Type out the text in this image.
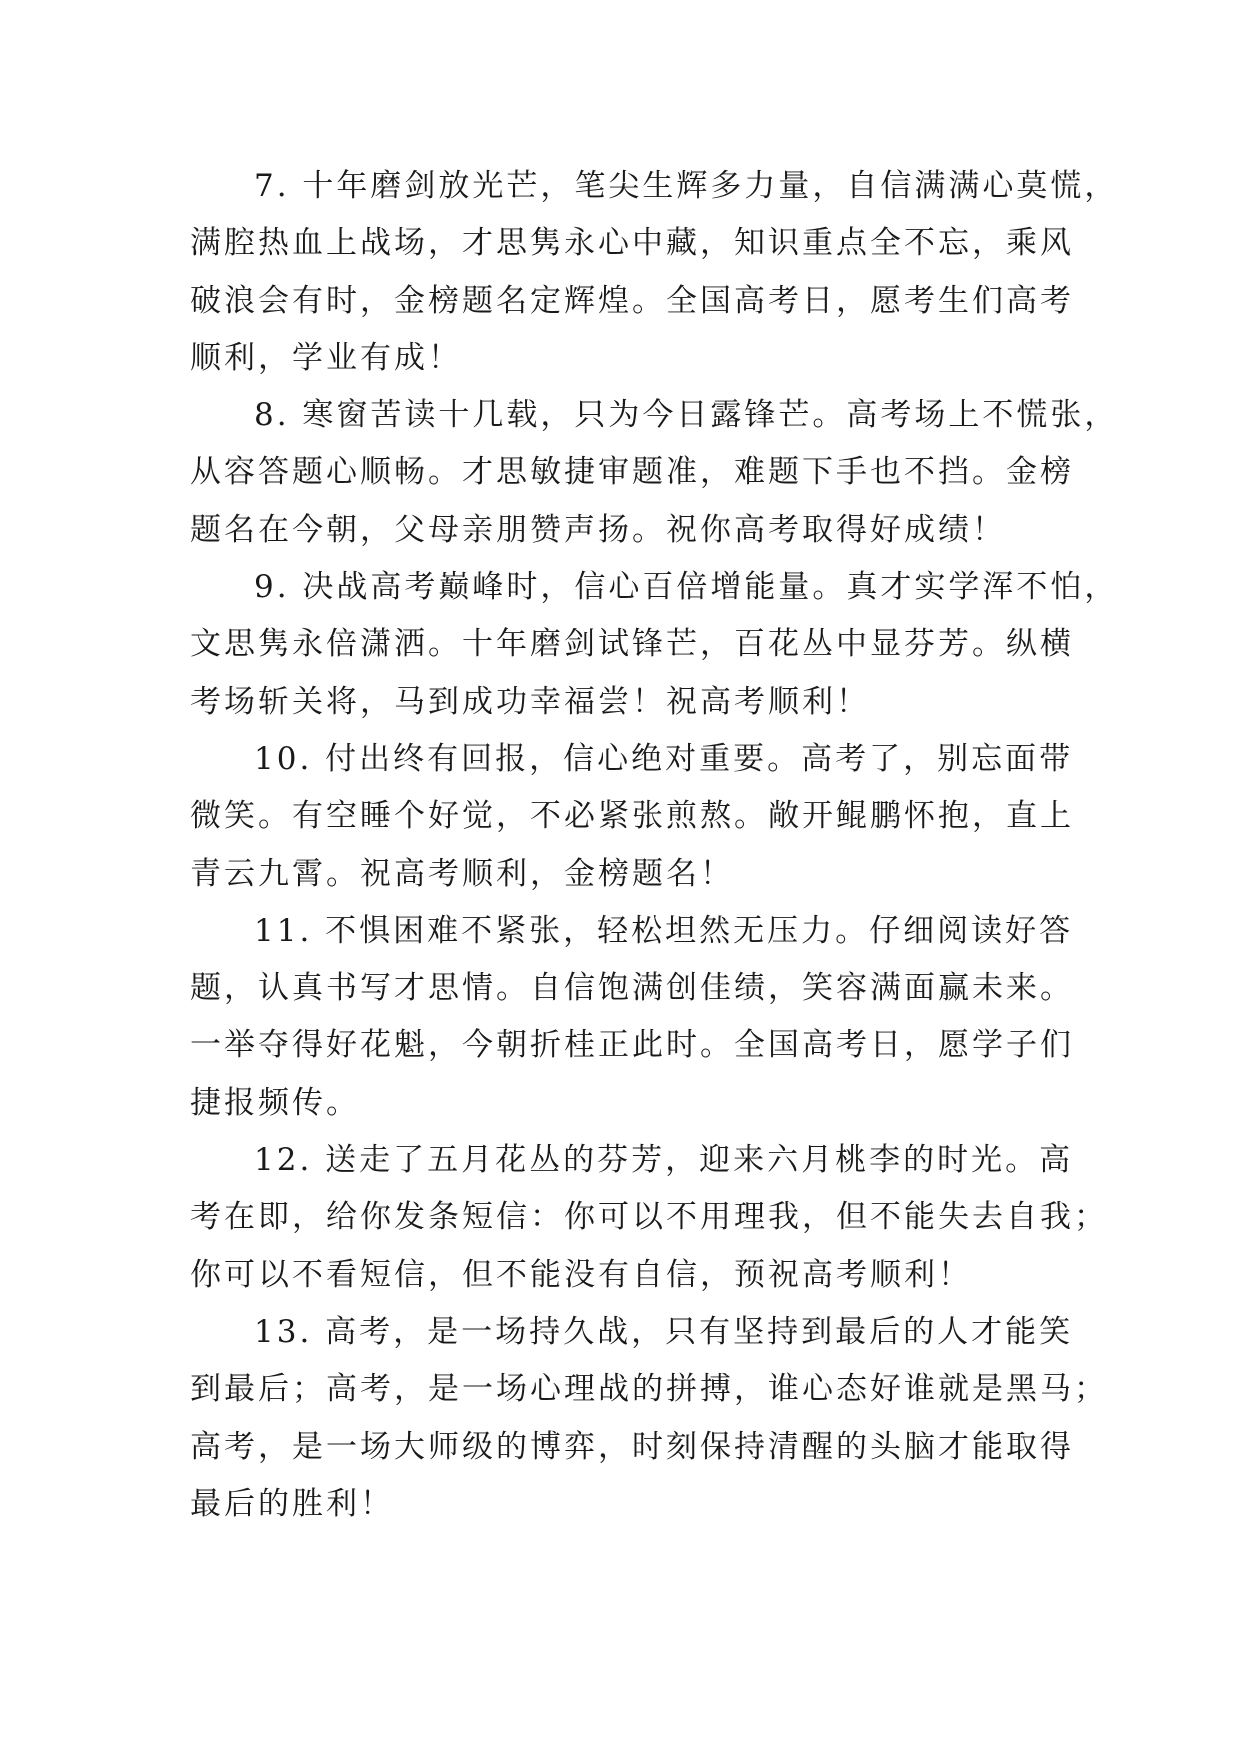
7. 十年磨剑放光芒，笔尖生辉多力量，自信满满心莫慌，
满腔热血上战场，才思隽永心中藏，知识重点全不忘，乘风
破浪会有时，金榜题名定辉煌。全国高考日，愿考生们高考
顺利，学业有成！
8. 寒窗苦读十几载，只为今日露锋芒。高考场上不慌张，
从容答题心顺畅。才思敏捷审题准，难题下手也不挡。金榜
题名在今朝，父母亲朋赞声扬。祝你高考取得好成绩！
9. 决战高考巅峰时，信心百倍增能量。真才实学浑不怕，
文思隽永倍潇洒。十年磨剑试锋芒，百花丛中显芬芳。纵横
考场斩关将，马到成功幸福尝！祝高考顺利！
10. 付出终有回报，信心绝对重要。高考了，别忘面带
微笑。有空睡个好觉，不必紧张煎熬。敞开鲲鹏怀抱，直上
青云九霄。祝高考顺利，金榜题名！
11. 不惧困难不紧张，轻松坦然无压力。仔细阅读好答
题，认真书写才思情。自信饱满创佳绩，笑容满面赢未来。
一举夺得好花魁，今朝折桂正此时。全国高考日，愿学子们
捷报频传。
12. 送走了五月花丛的芬芳，迎来六月桃李的时光。高
考在即，给你发条短信：你可以不用理我，但不能失去自我；
你可以不看短信，但不能没有自信，预祝高考顺利！
13. 高考，是一场持久战，只有坚持到最后的人才能笑
到最后；高考，是一场心理战的拼搏，谁心态好谁就是黑马；
高考，是一场大师级的博弈，时刻保持清醒的头脑才能取得
最后的胜利！
